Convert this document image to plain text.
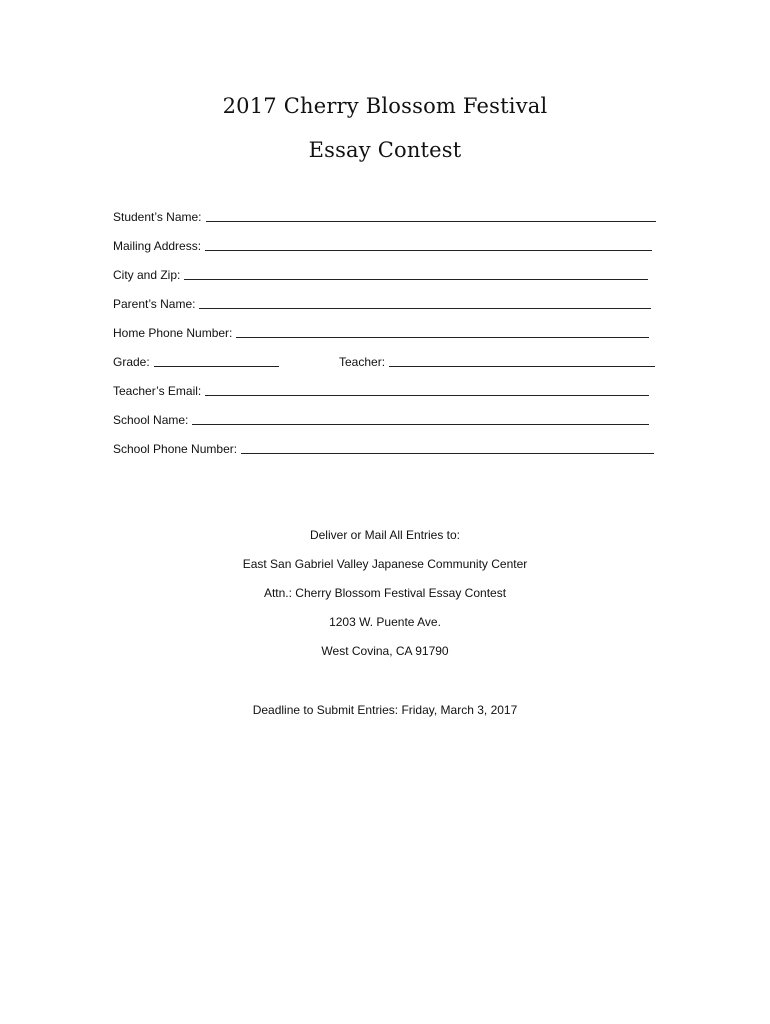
2017 Cherry Blossom Festival
Essay Contest
Student’s Name:
Mailing Address:
City and Zip:
Parent’s Name:
Home Phone Number:
Grade:	Teacher:
Teacher’s Email:
School Name:
School Phone Number:
Deliver or Mail All Entries to:
East San Gabriel Valley Japanese Community Center
Attn.: Cherry Blossom Festival Essay Contest
1203 W. Puente Ave.
West Covina, CA 91790
Deadline to Submit Entries: Friday, March 3, 2017
